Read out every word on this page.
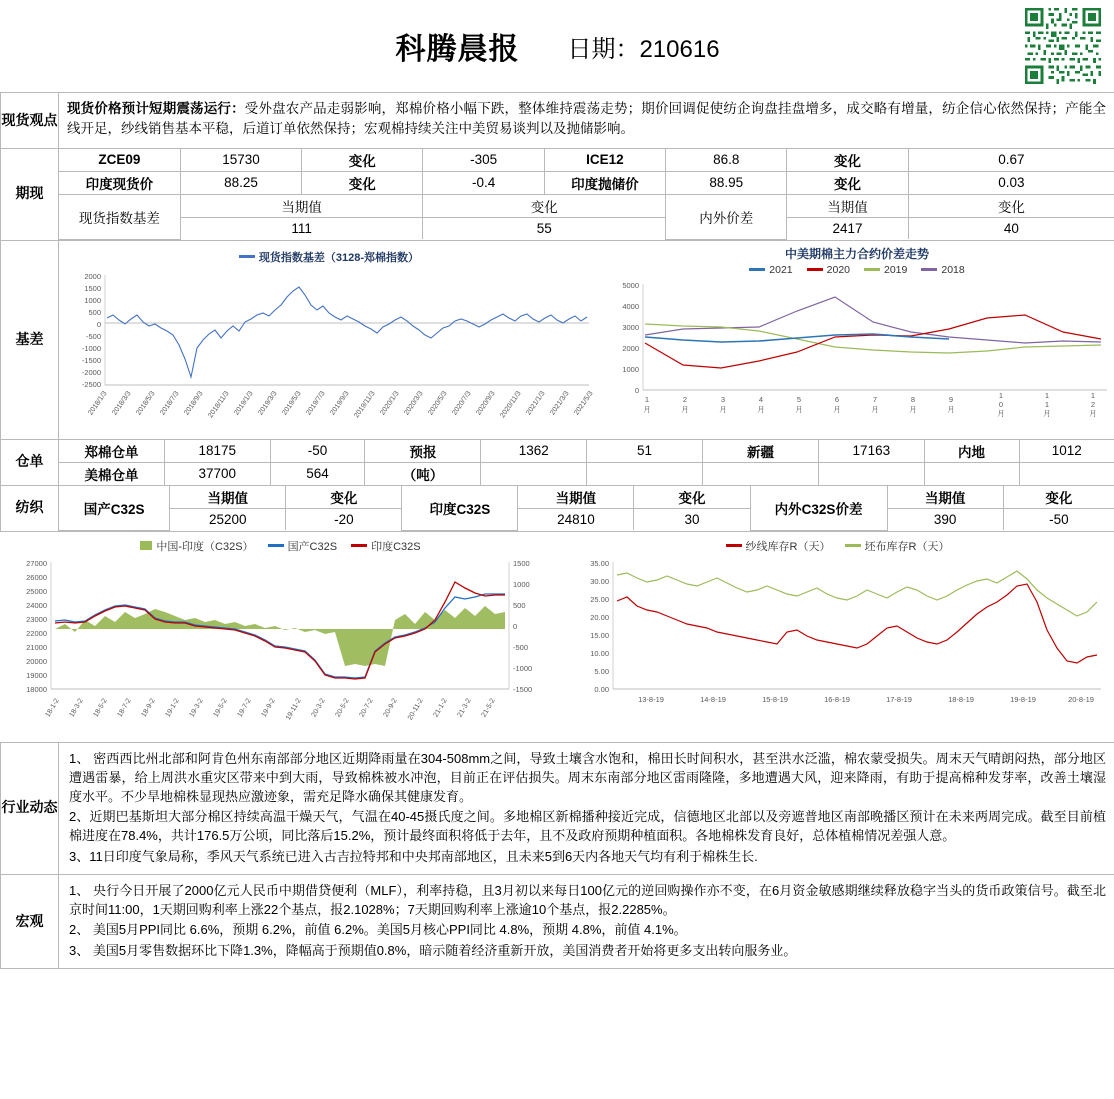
科腾晨报 日期：210616

现货观点	
现货价格预计短期震荡运行：受外盘农产品走弱影响，郑棉价格小幅下跌，整体维持震荡走势；期价回调促使纺企询盘挂盘增多，成交略有增量，纺企信心依然保持；产能全线开足，纱线销售基本平稳，后道订单依然保持；宏观棉持续关注中美贸易谈判以及抛储影响。

期现	
ZCE09	15730	变化	-305	ICE12	86.8	变化	0.67
印度现货价	88.25	变化	-0.4	印度抛储价	88.95	变化	0.03
现货指数基差	当期值	变化	内外价差	当期值	变化
111	55	2417	40

基差	
现货指数基差（3128-郑棉指数）
2000
1500
1000
500
0
-500
-1000
-1500
-2000
-2500
2018/1/3 2018/3/3 2018/5/3 2018/7/3 2018/9/3 2018/11/3 2019/1/3 2019/3/3 2019/5/3 2019/7/3 2019/9/3 2019/11/3 2020/1/3 2020/3/3 2020/5/3 2020/7/3 2020/9/3 2020/11/3 2021/1/3 2021/3/3 2021/5/3
中美期棉主力合约价差走势
2021	2020	2019	2018
5000
4000
3000
2000
1000
0
1
月
2
月
3
月
4
月
5
月
6
月
7
月
8
月
9
月
1
0
月
1
1
月
1
2
月

仓单	
郑棉仓单	18175	-50	预报	1362	51	新疆	17163	内地	1012
美棉仓单	37700	564	（吨）						

纺织		国产C32S	当期值	变化	印度C32S	当期值	变化	内外C32S价差	当期值	变化
25200	-20	24810	30	390	-50

中国-印度（C32S）	国产C32S	印度C32S
27000
26000
25000
24000
23000
22000
21000
20000
19000
18000
1500
1000
500
0
-500
-1000
-1500
18-1-2 18-3-2 18-5-2 18-7-2 18-9-2 19-1-2 19-3-2 19-5-2 19-7-2 19-9-2 19-11-2 20-3-2 20-5-2 20-7-2 20-9-2 20-11-2 21-1-2 21-3-2 21-5-2
纱线库存R（天）	坯布库存R（天）
35.00
30.00
25.00
20.00
15.00
10.00
5.00
0.00
13-8-19	14-8-19	15-8-19	16-8-19	17-8-19	18-8-19	19-8-19	20-8-19

行业动态	

1、 密西西比州北部和阿肯色州东南部部分地区近期降雨量在304-508mm之间，导致土壤含水饱和，棉田长时间积水，甚至洪水泛滥，棉农蒙受损失。周末天气晴朗闷热，部分地区遭遇雷暴，给上周洪水重灾区带来中到大雨，导致棉株被水冲泡，目前正在评估损失。周末东南部分地区雷雨隆隆，多地遭遇大风，迎来降雨，有助于提高棉种发芽率，改善土壤湿度水平。不少旱地棉株显现热应激迹象，需充足降水确保其健康发育。

2、近期巴基斯坦大部分棉区持续高温干燥天气，气温在40-45摄氏度之间。多地棉区新棉播种接近完成，信德地区北部以及旁遮普地区南部晚播区预计在未来两周完成。截至目前植棉进度在78.4%，共计176.5万公顷，同比落后15.2%，预计最终面积将低于去年，且不及政府预期种植面积。各地棉株发育良好，总体植棉情况差强人意。

3、11日印度气象局称，季风天气系统已进入古吉拉特邦和中央邦南部地区，且未来5到6天内各地天气均有利于棉株生长.

宏观	

1、 央行今日开展了2000亿元人民币中期借贷便利（MLF），利率持稳，且3月初以来每日100亿元的逆回购操作亦不变，在6月资金敏感期继续释放稳字当头的货币政策信号。截至北京时间11:00，1天期回购利率上涨22个基点，报2.1028%；7天期回购利率上涨逾10个基点，报2.2285%。

2、 美国5月PPI同比 6.6%，预期 6.2%，前值 6.2%。美国5月核心PPI同比 4.8%，预期 4.8%，前值 4.1%。

3、 美国5月零售数据环比下降1.3%，降幅高于预期值0.8%，暗示随着经济重新开放，美国消费者开始将更多支出转向服务业。
